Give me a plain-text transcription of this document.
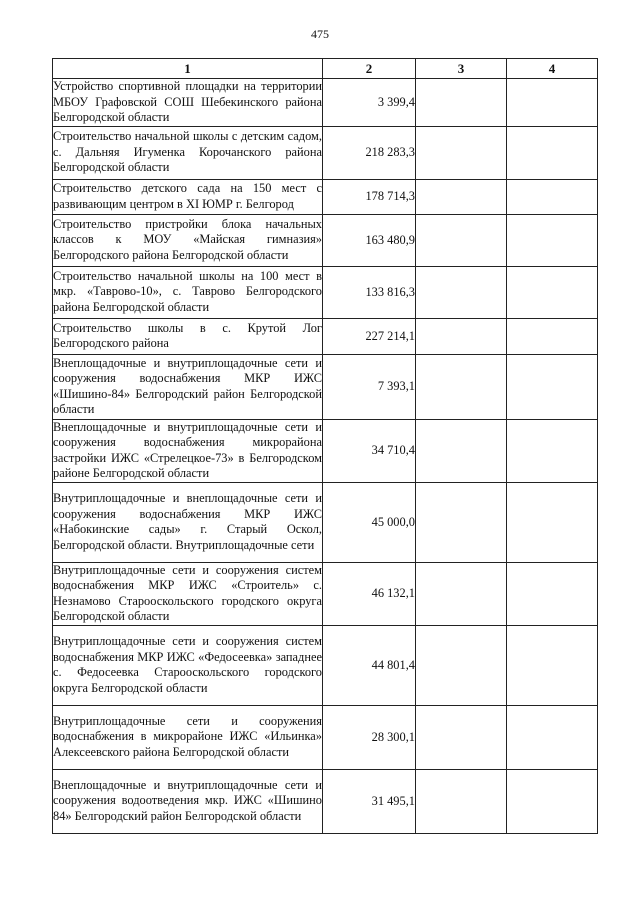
475
1	2	3	4
Устройство спортивной площадки на территории МБОУ Графовской СОШ Шебекинского района Белгородской области	3 399,4		
Строительство начальной школы с детским садом, с. Дальняя Игуменка Корочанского района Белгородской области	218 283,3		
Строительство детского сада на 150 мест с развивающим центром в XI ЮМР г. Белгород	178 714,3		
Строительство пристройки блока начальных классов к МОУ «Майская гимназия» Белгородского района Белгородской области	163 480,9		
Строительство начальной школы на 100 мест в мкр. «Таврово-10», с. Таврово Белгородского района Белгородской области	133 816,3		
Строительство школы в с. Крутой Лог Белгородского района	227 214,1		
Внеплощадочные и внутриплощадочные сети и сооружения водоснабжения МКР ИЖС «Шишино-84» Белгородский район Белгородской области	7 393,1		
Внеплощадочные и внутриплощадочные сети и сооружения водоснабжения микрорайона застройки ИЖС «Стрелецкое-73» в Белгородском районе Белгородской области	34 710,4		
Внутриплощадочные и внеплощадочные сети и сооружения водоснабжения МКР ИЖС «Набокинские сады» г. Старый Оскол, Белгородской области. Внутриплощадочные сети	45 000,0		
Внутриплощадочные сети и сооружения систем водоснабжения МКР ИЖС «Строитель» с. Незнамово Старооскольского городского округа Белгородской области	46 132,1		
Внутриплощадочные сети и сооружения систем водоснабжения МКР ИЖС «Федосеевка» западнее с. Федосеевка Старооскольского городского округа Белгородской области	44 801,4		
Внутриплощадочные сети и сооружения водоснабжения в микрорайоне ИЖС «Ильинка» Алексеевского района Белгородской области	28 300,1		
Внеплощадочные и внутриплощадочные сети и сооружения водоотведения мкр. ИЖС «Шишино 84» Белгородский район Белгородской области	31 495,1		
